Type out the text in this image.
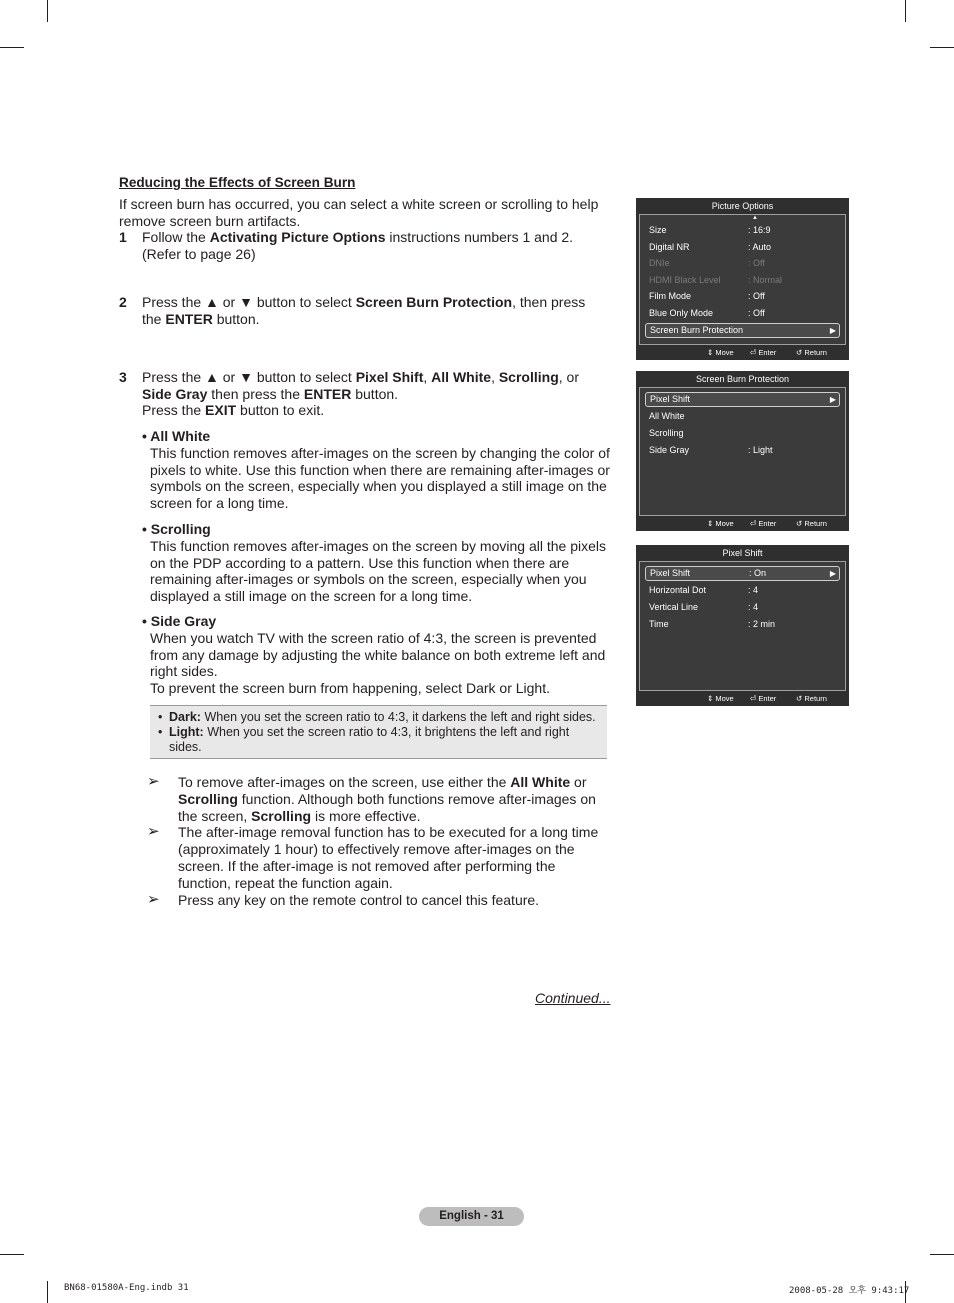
Reducing the Effects of Screen Burn

If screen burn has occurred, you can select a white screen or scrolling to help remove screen burn artifacts.

1 Follow the Activating Picture Options instructions numbers 1 and 2.
(Refer to page 26)
2 Press the ▲ or ▼ button to select Screen Burn Protection, then press the ENTER button.
3 Press the ▲ or ▼ button to select Pixel Shift, All White, Scrolling, or Side Gray then press the ENTER button.
Press the EXIT button to exit.
• All White
This function removes after-images on the screen by changing the color of pixels to white. Use this function when there are remaining after-images or symbols on the screen, especially when you displayed a still image on the screen for a long time.
• Scrolling
This function removes after-images on the screen by moving all the pixels on the PDP according to a pattern. Use this function when there are remaining after-images or symbols on the screen, especially when you displayed a still image on the screen for a long time.
• Side Gray
When you watch TV with the screen ratio of 4:3, the screen is prevented from any damage by adjusting the white balance on both extreme left and right sides.
To prevent the screen burn from happening, select Dark or Light.
• Dark: When you set the screen ratio to 4:3, it darkens the left and right sides.
• Light: When you set the screen ratio to 4:3, it brightens the left and right sides.
➢ To remove after-images on the screen, use either the All White or Scrolling function. Although both functions remove after-images on the screen, Scrolling is more effective.
➢ The after-image removal function has to be executed for a long time (approximately 1 hour) to effectively remove after-images on the screen. If the after-image is not removed after performing the function, repeat the function again.
➢ Press any key on the remote control to cancel this feature.
Continued...
English - 31
BN68-01580A-Eng.indb 31	2008-05-28 오후 9:43:17
Picture Options
▲
Size	: 16:9
Digital NR	: Auto
DNIe	: Off
HDMI Black Level	: Normal
Film Mode	: Off
Blue Only Mode	: Off
Screen Burn Protection	▶
⇕ Move ⏎ Enter	↺ Return
Screen Burn Protection
Pixel Shift	▶
All White
Scrolling
Side Gray	: Light
⇕ Move ⏎ Enter	↺ Return
Pixel Shift
Pixel Shift	: On	▶
Horizontal Dot	: 4
Vertical Line	: 4
Time	: 2 min
⇕ Move ⏎ Enter	↺ Return
